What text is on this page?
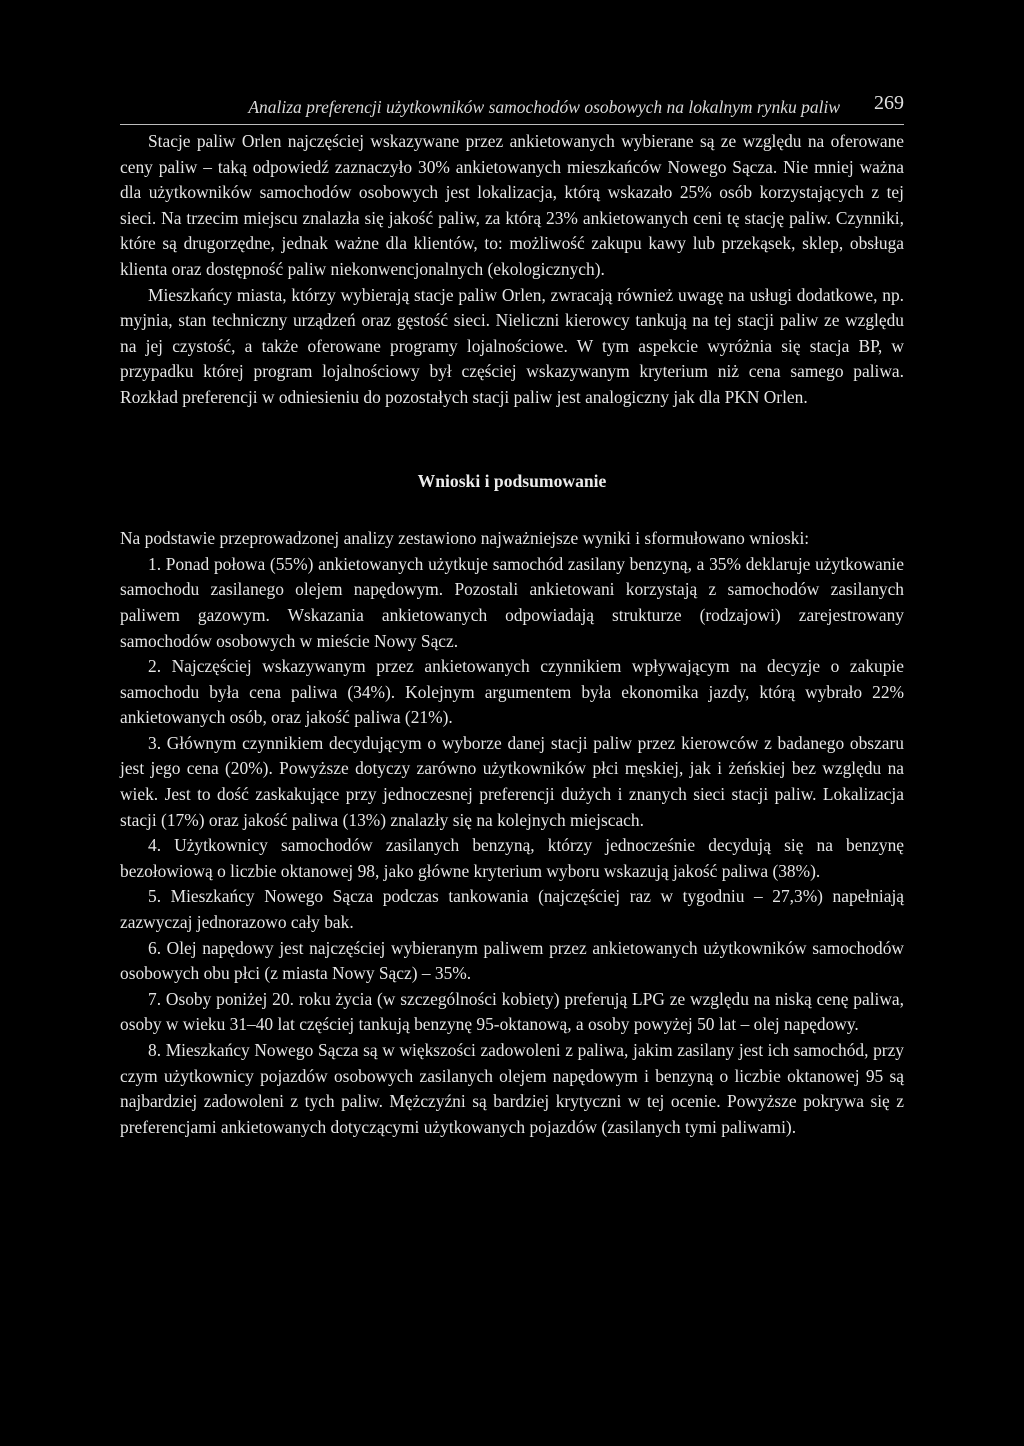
Analiza preferencji użytkowników samochodów osobowych na lokalnym rynku paliw 269

Stacje paliw Orlen najczęściej wskazywane przez ankietowanych wybierane są ze względu na oferowane ceny paliw – taką odpowiedź zaznaczyło 30% ankietowanych mieszkańców Nowego Sącza. Nie mniej ważna dla użytkowników samochodów osobowych jest lokalizacja, którą wskazało 25% osób korzystających z tej sieci. Na trzecim miejscu znalazła się jakość paliw, za którą 23% ankietowanych ceni tę stację paliw. Czynniki, które są drugorzędne, jednak ważne dla klientów, to: możliwość zakupu kawy lub przekąsek, sklep, obsługa klienta oraz dostępność paliw niekonwencjonalnych (ekologicznych).

Mieszkańcy miasta, którzy wybierają stacje paliw Orlen, zwracają również uwagę na usługi dodatkowe, np. myjnia, stan techniczny urządzeń oraz gęstość sieci. Nieliczni kierowcy tankują na tej stacji paliw ze względu na jej czystość, a także oferowane programy lojalnościowe. W tym aspekcie wyróżnia się stacja BP, w przypadku której program lojalnościowy był częściej wskazywanym kryterium niż cena samego paliwa. Rozkład preferencji w odniesieniu do pozostałych stacji paliw jest analogiczny jak dla PKN Orlen.

Wnioski i podsumowanie

Na podstawie przeprowadzonej analizy zestawiono najważniejsze wyniki i sformułowano wnioski:

1. Ponad połowa (55%) ankietowanych użytkuje samochód zasilany benzyną, a 35% deklaruje użytkowanie samochodu zasilanego olejem napędowym. Pozostali ankietowani korzystają z samochodów zasilanych paliwem gazowym. Wskazania ankietowanych odpowiadają strukturze (rodzajowi) zarejestrowany samochodów osobowych w mieście Nowy Sącz.

2. Najczęściej wskazywanym przez ankietowanych czynnikiem wpływającym na decyzje o zakupie samochodu była cena paliwa (34%). Kolejnym argumentem była ekonomika jazdy, którą wybrało 22% ankietowanych osób, oraz jakość paliwa (21%).

3. Głównym czynnikiem decydującym o wyborze danej stacji paliw przez kierowców z badanego obszaru jest jego cena (20%). Powyższe dotyczy zarówno użytkowników płci męskiej, jak i żeńskiej bez względu na wiek. Jest to dość zaskakujące przy jednoczesnej preferencji dużych i znanych sieci stacji paliw. Lokalizacja stacji (17%) oraz jakość paliwa (13%) znalazły się na kolejnych miejscach.

4. Użytkownicy samochodów zasilanych benzyną, którzy jednocześnie decydują się na benzynę bezołowiową o liczbie oktanowej 98, jako główne kryterium wyboru wskazują jakość paliwa (38%).

5. Mieszkańcy Nowego Sącza podczas tankowania (najczęściej raz w tygodniu – 27,3%) napełniają zazwyczaj jednorazowo cały bak.

6. Olej napędowy jest najczęściej wybieranym paliwem przez ankietowanych użytkowników samochodów osobowych obu płci (z miasta Nowy Sącz) – 35%.

7. Osoby poniżej 20. roku życia (w szczególności kobiety) preferują LPG ze względu na niską cenę paliwa, osoby w wieku 31–40 lat częściej tankują benzynę 95-oktanową, a osoby powyżej 50 lat – olej napędowy.

8. Mieszkańcy Nowego Sącza są w większości zadowoleni z paliwa, jakim zasilany jest ich samochód, przy czym użytkownicy pojazdów osobowych zasilanych olejem napędowym i benzyną o liczbie oktanowej 95 są najbardziej zadowoleni z tych paliw. Mężczyźni są bardziej krytyczni w tej ocenie. Powyższe pokrywa się z preferencjami ankietowanych dotyczącymi użytkowanych pojazdów (zasilanych tymi paliwami).
